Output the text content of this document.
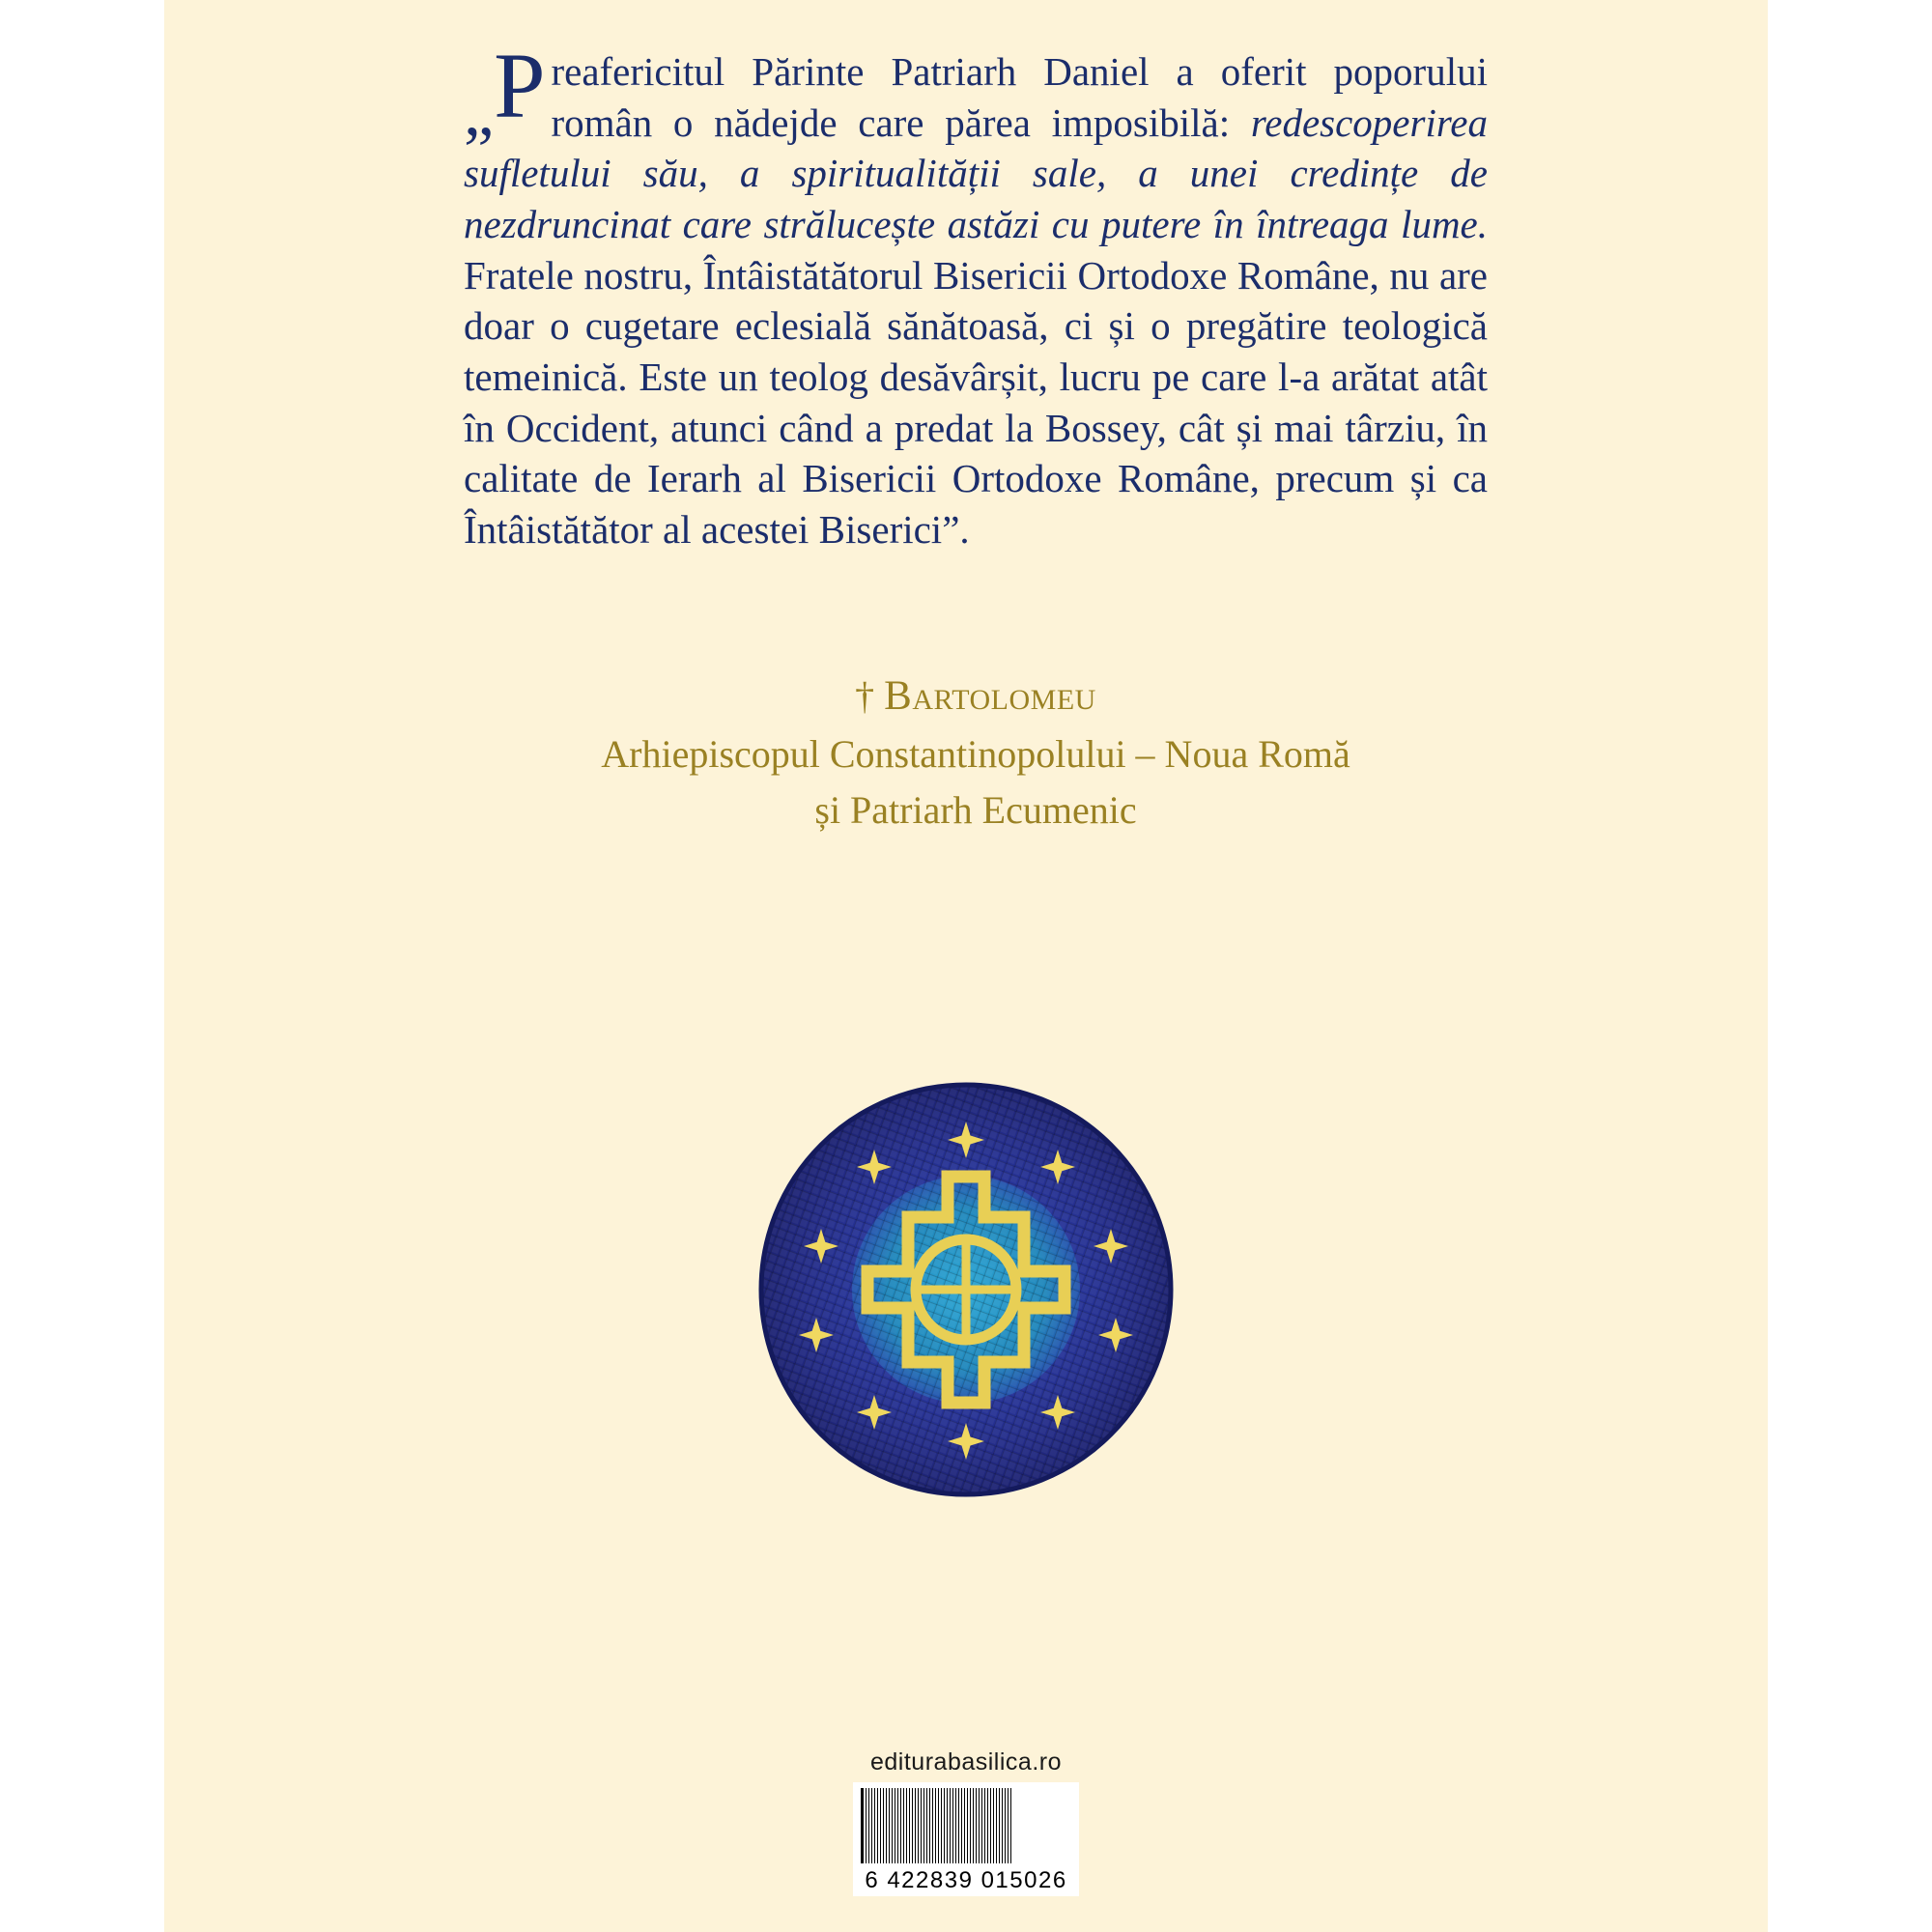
„ P reafericitul Părinte Patriarh Daniel a oferit poporului român o nădejde care părea imposibilă: redescoperirea sufletului său, a spiritualității sale, a unei credințe de nezdruncinat care strălucește astăzi cu putere în întreaga lume. Fratele nostru, Întâistătătorul Bisericii Ortodoxe Române, nu are doar o cugetare eclesială sănătoasă, ci și o pregătire teologică temeinică. Este un teolog desăvârșit, lucru pe care l-a arătat atât în Occident, atunci când a predat la Bossey, cât și mai târziu, în calitate de Ierarh al Bisericii Ortodoxe Române, precum și ca Întâistătător al acestei Biserici”.
† Bartolomeu
Arhiepiscopul Constantinopolului – Noua Romă
și Patriarh Ecumenic
editurabasilica.ro
6 422839 015026
